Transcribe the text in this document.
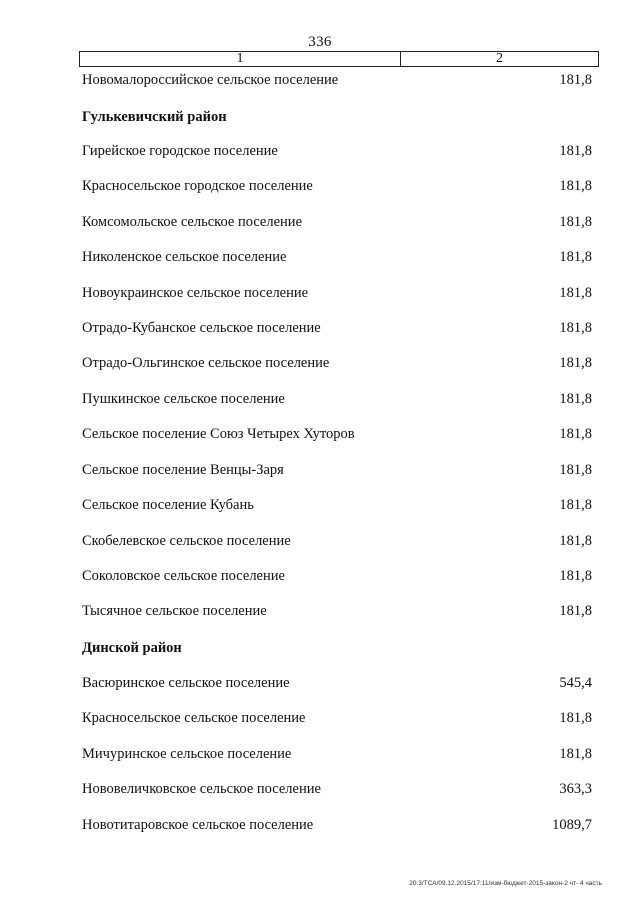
336
1	2
Новомалороссийское сельское поселение	181,8
Гулькевичский район
Гирейское городское поселение	181,8
Красносельское городское поселение	181,8
Комсомольское сельское поселение	181,8
Николенское сельское поселение	181,8
Новоукраинское сельское поселение	181,8
Отрадо-Кубанское сельское поселение	181,8
Отрадо-Ольгинское сельское поселение	181,8
Пушкинское сельское поселение	181,8
Сельское поселение Союз Четырех Хуторов	181,8
Сельское поселение Венцы-Заря	181,8
Сельское поселение Кубань	181,8
Скобелевское сельское поселение	181,8
Соколовское сельское поселение	181,8
Тысячное сельское поселение	181,8
Динской район
Васюринское сельское поселение	545,4
Красносельское сельское поселение	181,8
Мичуринское сельское поселение	181,8
Нововеличковское сельское поселение	363,3
Новотитаровское сельское поселение	1089,7
20.3/ТСА/09.12.2015/17:11/изм-бюджет-2015-закон-2 чт- 4 часть
